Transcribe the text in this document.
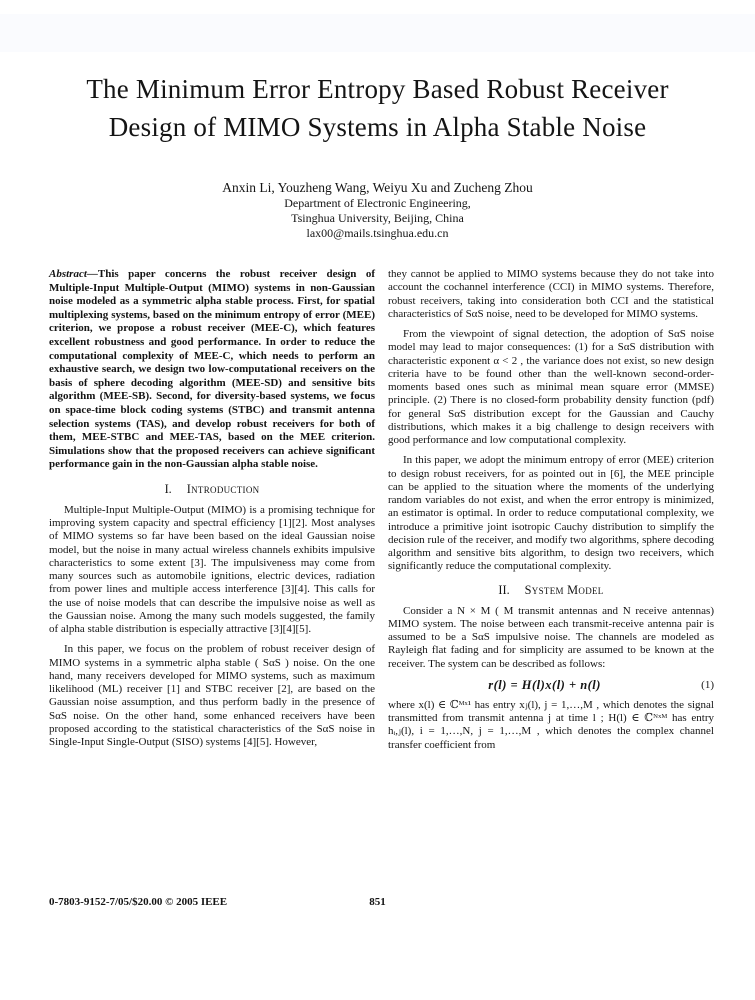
The Minimum Error Entropy Based Robust Receiver
Design of MIMO Systems in Alpha Stable Noise
Anxin Li, Youzheng Wang, Weiyu Xu and Zucheng Zhou
Department of Electronic Engineering,
Tsinghua University, Beijing, China
lax00@mails.tsinghua.edu.cn

Abstract—This paper concerns the robust receiver design of Multiple-Input Multiple-Output (MIMO) systems in non-Gaussian noise modeled as a symmetric alpha stable process. First, for spatial multiplexing systems, based on the minimum entropy of error (MEE) criterion, we propose a robust receiver (MEE-C), which features excellent robustness and good performance. In order to reduce the computational complexity of MEE-C, which needs to perform an exhaustive search, we design two low-computational receivers on the basis of sphere decoding algorithm (MEE-SD) and sensitive bits algorithm (MEE-SB). Second, for diversity-based systems, we focus on space-time block coding systems (STBC) and transmit antenna selection systems (TAS), and develop robust receivers for both of them, MEE-STBC and MEE-TAS, based on the MEE criterion. Simulations show that the proposed receivers can achieve significant performance gain in the non-Gaussian alpha stable noise.

I. Introduction

Multiple-Input Multiple-Output (MIMO) is a promising technique for improving system capacity and spectral efficiency [1][2]. Most analyses of MIMO systems so far have been based on the ideal Gaussian noise model, but the noise in many actual wireless channels exhibits impulsive characteristics to some extent [3]. The impulsiveness may come from many sources such as automobile ignitions, electric devices, radiation from power lines and multiple access interference [3][4]. This calls for the use of noise models that can describe the impulsive noise as well as the Gaussian noise. Among the many such models suggested, the family of alpha stable distribution is especially attractive [3][4][5].

In this paper, we focus on the problem of robust receiver design of MIMO systems in a symmetric alpha stable ( SαS ) noise. On the one hand, many receivers developed for MIMO systems, such as maximum likelihood (ML) receiver [1] and STBC receiver [2], are based on the Gaussian noise assumption, and thus perform badly in the presence of SαS noise. On the other hand, some enhanced receivers have been proposed according to the statistical characteristics of the SαS noise in Single-Input Single-Output (SISO) systems [4][5]. However,

they cannot be applied to MIMO systems because they do not take into account the cochannel interference (CCI) in MIMO systems. Therefore, robust receivers, taking into consideration both CCI and the statistical characteristics of SαS noise, need to be developed for MIMO systems.

From the viewpoint of signal detection, the adoption of SαS noise model may lead to major consequences: (1) for a SαS distribution with characteristic exponent α < 2 , the variance does not exist, so new design criteria have to be found other than the well-known second-order-moments based ones such as minimal mean square error (MMSE) principle. (2) There is no closed-form probability density function (pdf) for general SαS distribution except for the Gaussian and Cauchy distributions, which makes it a big challenge to design receivers with good performance and low computational complexity.

In this paper, we adopt the minimum entropy of error (MEE) criterion to design robust receivers, for as pointed out in [6], the MEE principle can be applied to the situation where the moments of the underlying random variables do not exist, and when the error entropy is minimized, an estimator is optimal. In order to reduce computational complexity, we introduce a primitive joint isotropic Cauchy distribution to simplify the decision rule of the receiver, and modify two algorithms, sphere decoding algorithm and sensitive bits algorithm, to design two receivers, which significantly reduce the computational complexity.

II. System Model

Consider a N × M ( M transmit antennas and N receive antennas) MIMO system. The noise between each transmit-receive antenna pair is assumed to be a SαS impulsive noise. The channels are modeled as Rayleigh flat fading and for simplicity are assumed to be known at the receiver. The system can be described as follows:

r(l) = H(l)x(l) + n(l)	(1)

where x(l) ∈ ℂᴹˣ¹ has entry xⱼ(l), j = 1,…,M , which denotes the signal transmitted from transmit antenna j at time l ; H(l) ∈ ℂᴺˣᴹ has entry hᵢ,ⱼ(l), i = 1,…,N, j = 1,…,M , which denotes the complex channel transfer coefficient from

851
0-7803-9152-7/05/$20.00 © 2005 IEEE
